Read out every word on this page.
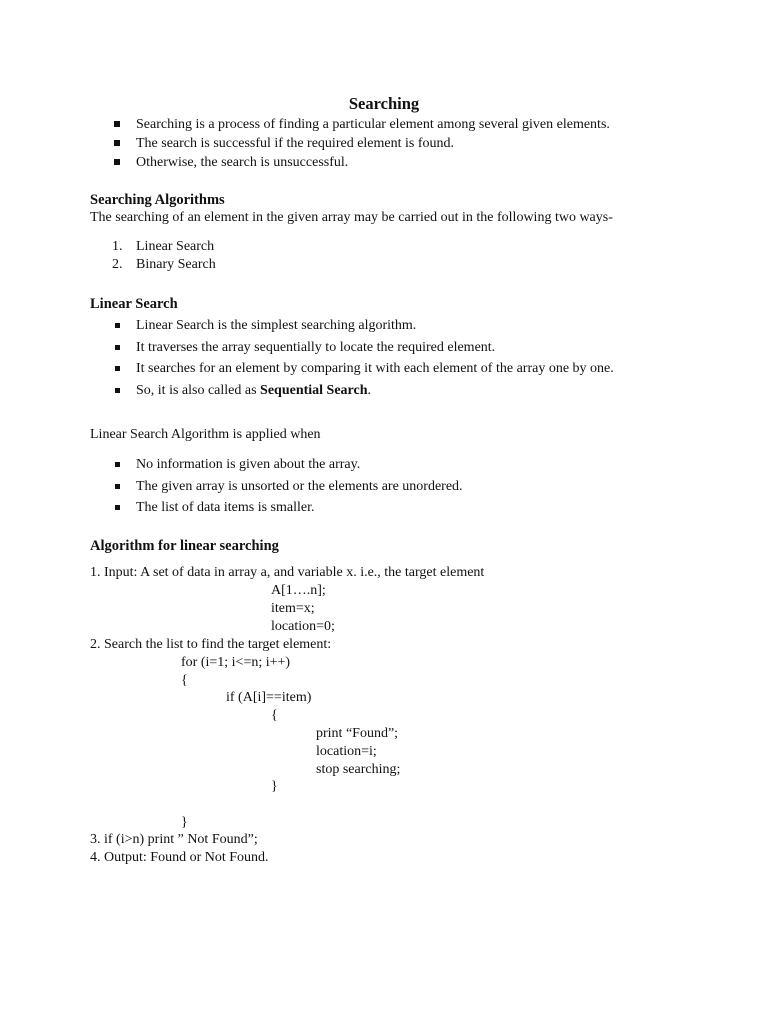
Searching
Searching is a process of finding a particular element among several given elements.
The search is successful if the required element is found.
Otherwise, the search is unsuccessful.
Searching Algorithms
The searching of an element in the given array may be carried out in the following two ways-
1. Linear Search
2. Binary Search
Linear Search
Linear Search is the simplest searching algorithm.
It traverses the array sequentially to locate the required element.
It searches for an element by comparing it with each element of the array one by one.
So, it is also called as Sequential Search.
Linear Search Algorithm is applied when
No information is given about the array.
The given array is unsorted or the elements are unordered.
The list of data items is smaller.
Algorithm for linear searching
1. Input: A set of data in array a, and variable x. i.e., the target element
A[1….n];
item=x;
location=0;
2. Search the list to find the target element:
for (i=1; i<=n; i++)
{
if (A[i]==item)
{
print “Found”;
location=i;
stop searching;
}
}
3. if (i>n) print ” Not Found”;
4. Output: Found or Not Found.
